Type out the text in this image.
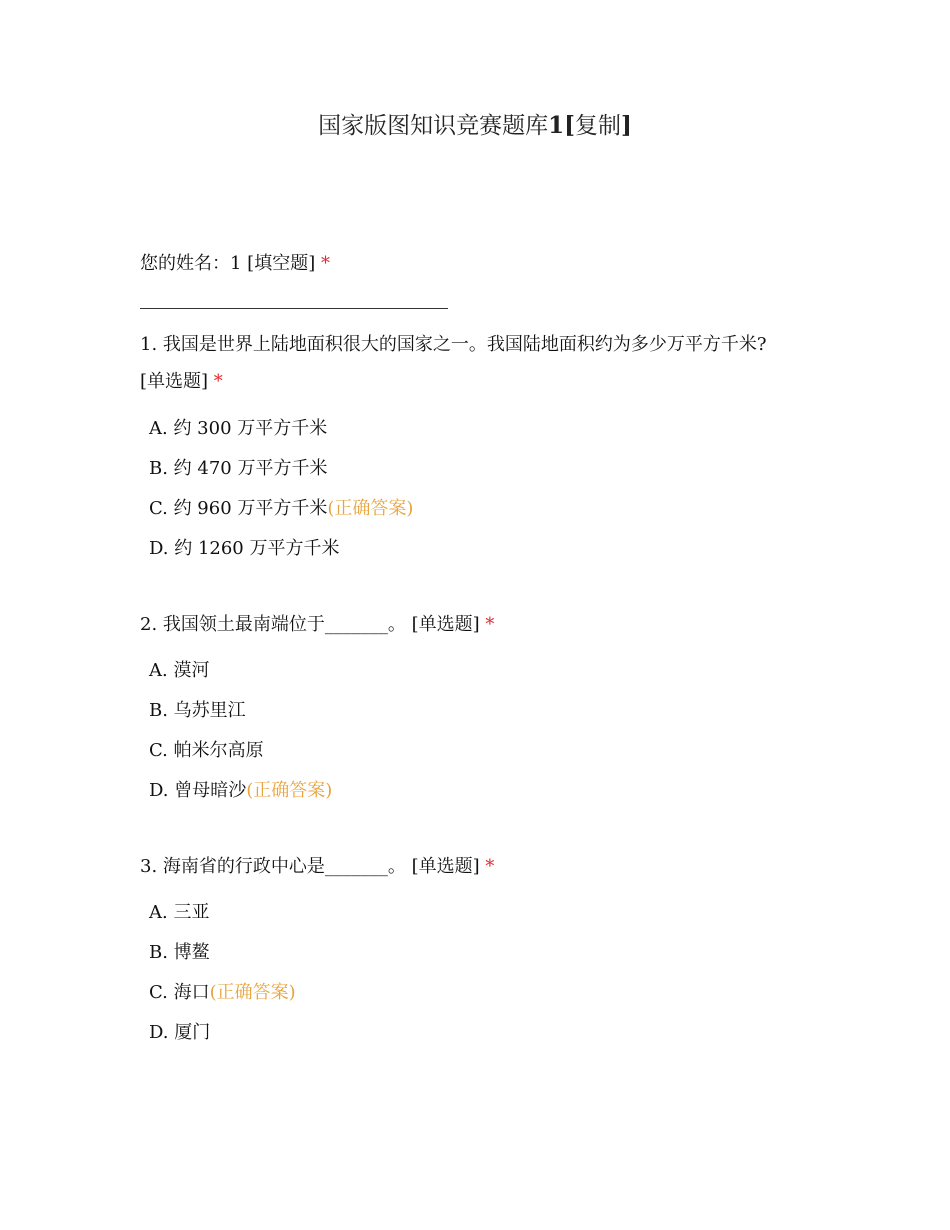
国家版图知识竞赛题库1[复制]
您的姓名：1 [填空题] *
1. 我国是世界上陆地面积很大的国家之一。我国陆地面积约为多少万平方千米?
[单选题] *
A. 约 300 万平方千米
B. 约 470 万平方千米
C. 约 960 万平方千米(正确答案)
D. 约 1260 万平方千米
2. 我国领土最南端位于_______。 [单选题] *
A. 漠河
B. 乌苏里江
C. 帕米尔高原
D. 曾母暗沙(正确答案)
3. 海南省的行政中心是_______。 [单选题] *
A. 三亚
B. 博鳌
C. 海口(正确答案)
D. 厦门
